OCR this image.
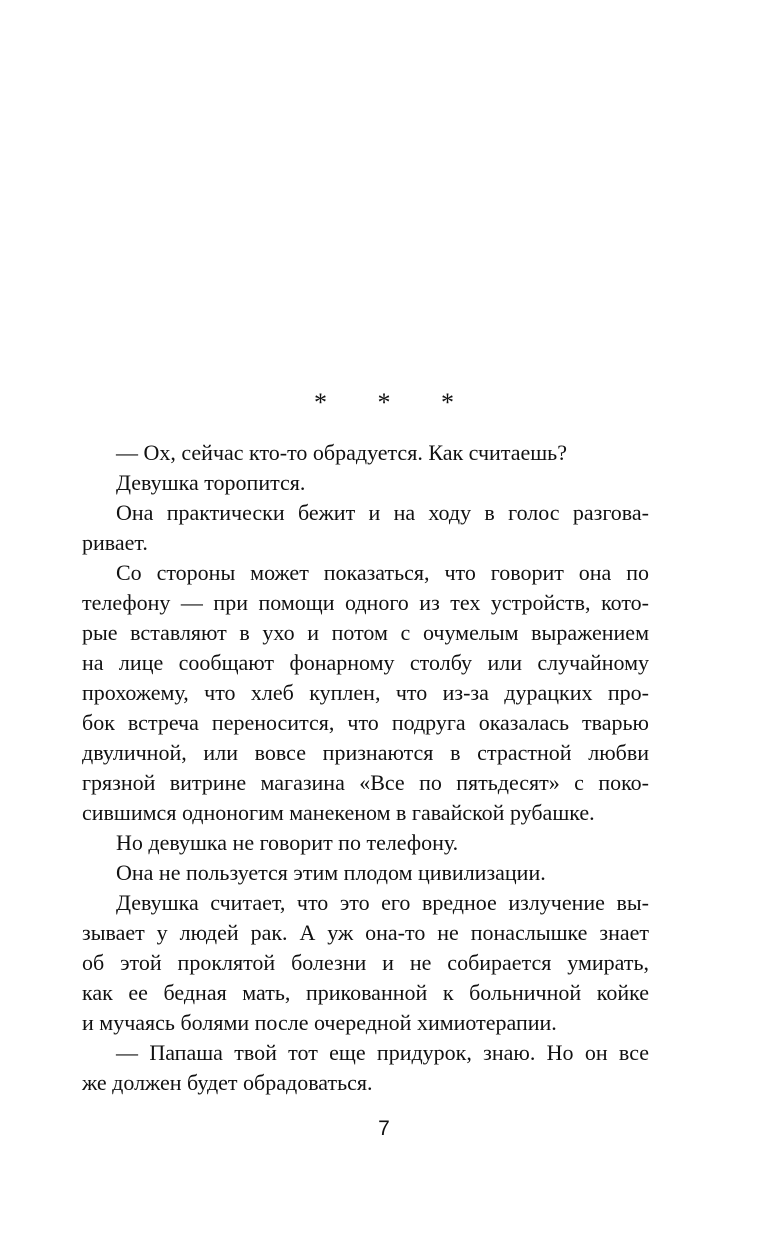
* * *
— Ох, сейчас кто-то обрадуется. Как считаешь?
Девушка торопится.
Она практически бежит и на ходу в голос разгова-
ривает.
Со стороны может показаться, что говорит она по
телефону — при помощи одного из тех устройств, кото-
рые вставляют в ухо и потом с очумелым выражением
на лице сообщают фонарному столбу или случайному
прохожему, что хлеб куплен, что из-за дурацких про-
бок встреча переносится, что подруга оказалась тварью
двуличной, или вовсе признаются в страстной любви
грязной витрине магазина «Все по пятьдесят» с поко-
сившимся одноногим манекеном в гавайской рубашке.
Но девушка не говорит по телефону.
Она не пользуется этим плодом цивилизации.
Девушка считает, что это его вредное излучение вы-
зывает у людей рак. А уж она-то не понаслышке знает
об этой проклятой болезни и не собирается умирать,
как ее бедная мать, прикованной к больничной койке
и мучаясь болями после очередной химиотерапии.
— Папаша твой тот еще придурок, знаю. Но он все
же должен будет обрадоваться.
7
